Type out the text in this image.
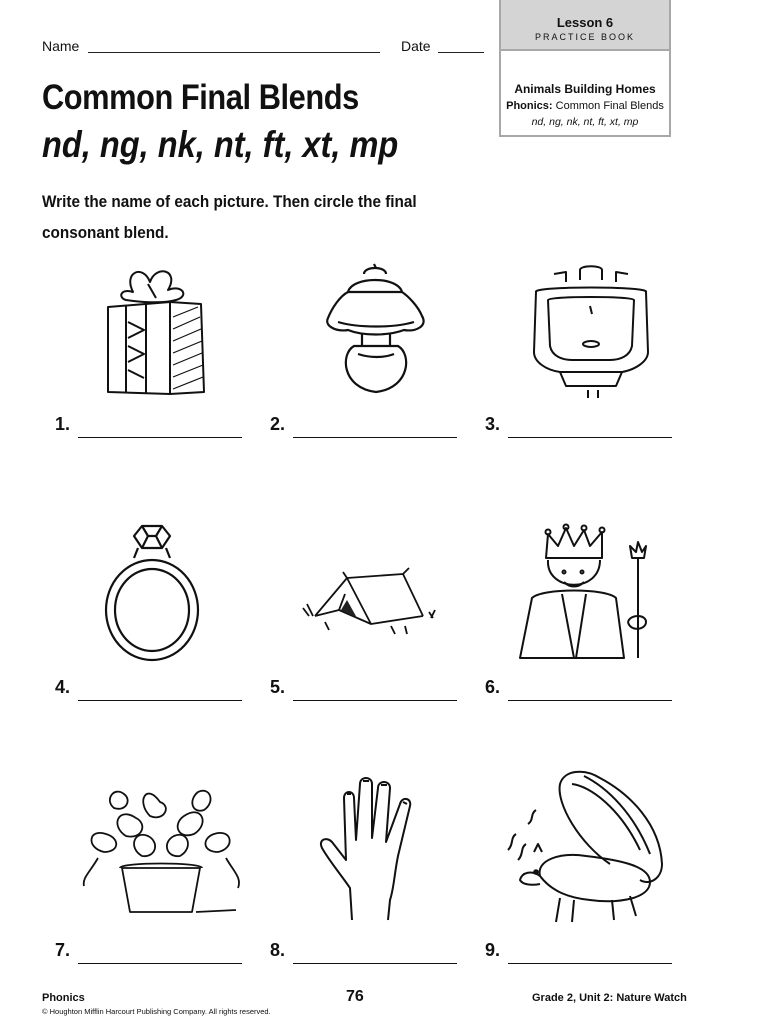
Name	Date
Lesson 6
PRACTICE BOOK
Animals Building Homes
Phonics: Common Final Blends
nd, ng, nk, nt, ft, xt, mp
Common Final Blends
nd, ng, nk, nt, ft, xt, mp
Write the name of each picture. Then circle the final consonant blend.
1.	2.	3.
4.	5.	6.
7.	8.	9.
Phonics
© Houghton Mifflin Harcourt Publishing Company. All rights reserved.
76	Grade 2, Unit 2: Nature Watch
